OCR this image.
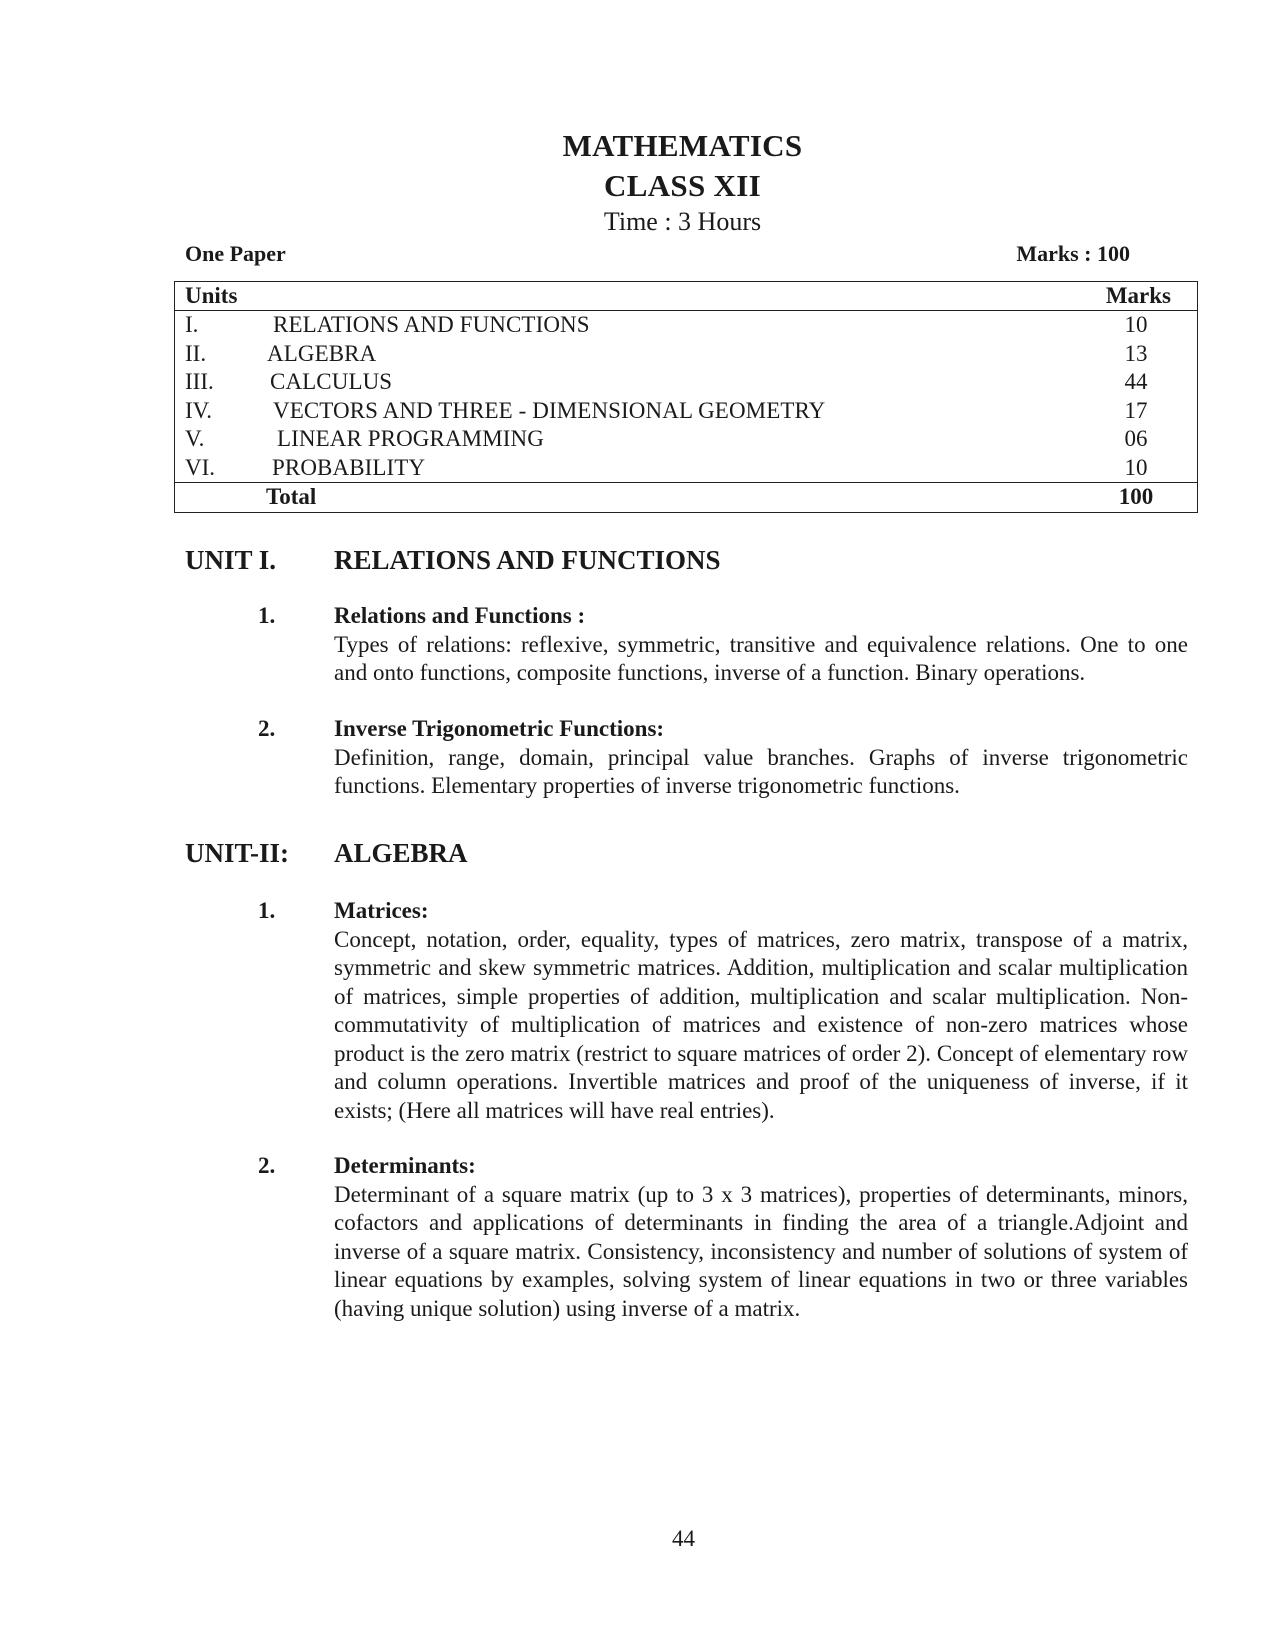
MATHEMATICS
CLASS XII
Time : 3 Hours
One Paper	Marks : 100
Units	Marks
I.	RELATIONS AND FUNCTIONS	10
II.	ALGEBRA	13
III. CALCULUS	44
IV.	VECTORS AND THREE - DIMENSIONAL GEOMETRY	17
V.	LINEAR PROGRAMMING	06
VI. PROBABILITY	10
Total	100
UNIT I. RELATIONS AND FUNCTIONS
1.	Relations and Functions :
Types of relations: reflexive, symmetric, transitive and equivalence relations. One to one and onto functions, composite functions, inverse of a function. Binary operations.
2.	Inverse Trigonometric Functions:
Definition, range, domain, principal value branches. Graphs of inverse trigonometric functions. Elementary properties of inverse trigonometric functions.
UNIT-II: ALGEBRA
1.	Matrices:
Concept, notation, order, equality, types of matrices, zero matrix, transpose of a matrix, symmetric and skew symmetric matrices. Addition, multiplication and scalar multiplication of matrices, simple properties of addition, multiplication and scalar multiplication. Non-commutativity of multiplication of matrices and existence of non-zero matrices whose product is the zero matrix (restrict to square matrices of order 2). Concept of elementary row and column operations. Invertible matrices and proof of the uniqueness of inverse, if it exists; (Here all matrices will have real entries).
2.	Determinants:
Determinant of a square matrix (up to 3 x 3 matrices), properties of determinants, minors, cofactors and applications of determinants in finding the area of a triangle.Adjoint and inverse of a square matrix. Consistency, inconsistency and number of solutions of system of linear equations by examples, solving system of linear equations in two or three variables (having unique solution) using inverse of a matrix.
44
